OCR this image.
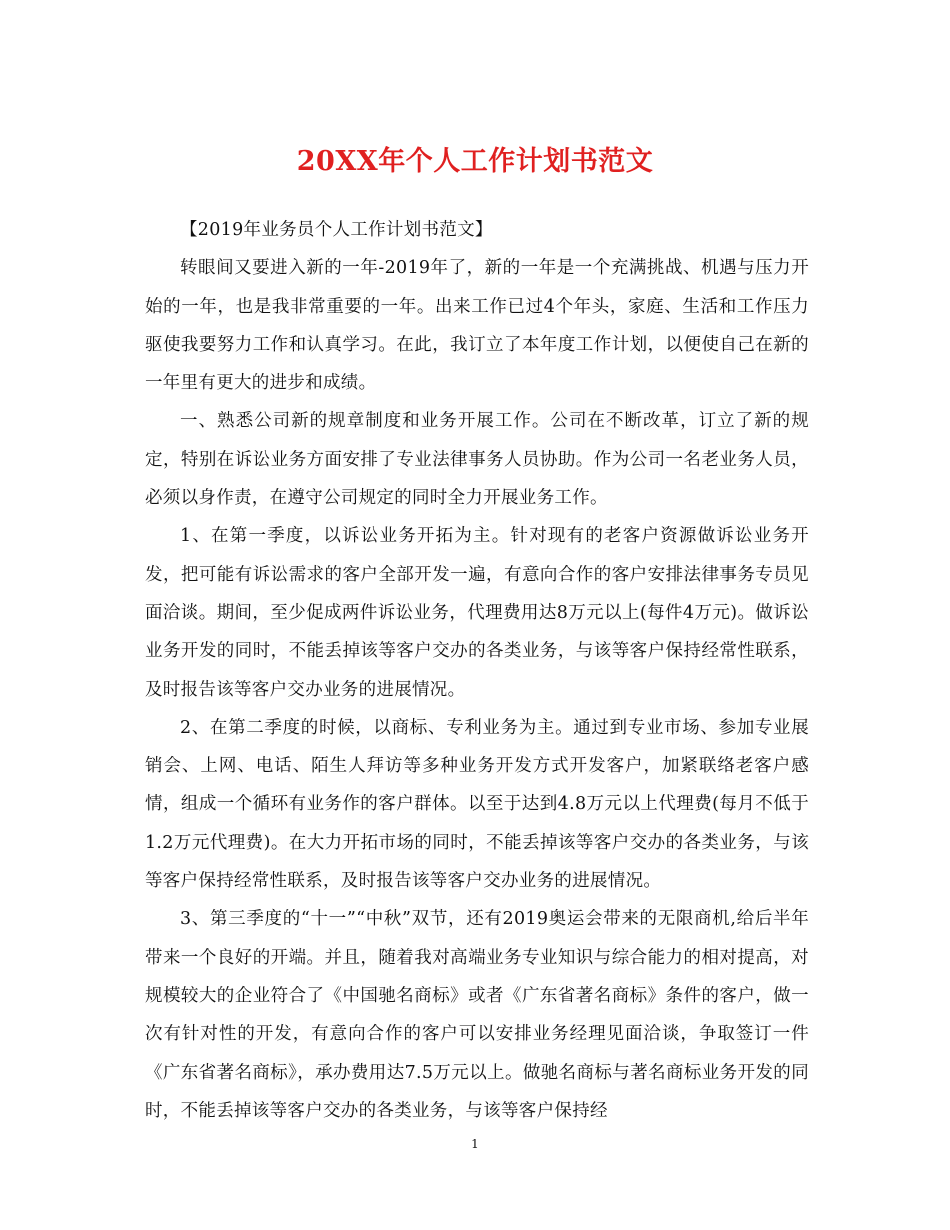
20XX年个人工作计划书范文

【2019年业务员个人工作计划书范文】

转眼间又要进入新的一年-2019年了，新的一年是一个充满挑战、机遇与压力开始的一年，也是我非常重要的一年。出来工作已过4个年头，家庭、生活和工作压力驱使我要努力工作和认真学习。在此，我订立了本年度工作计划，以便使自己在新的一年里有更大的进步和成绩。

一、熟悉公司新的规章制度和业务开展工作。公司在不断改革，订立了新的规定，特别在诉讼业务方面安排了专业法律事务人员协助。作为公司一名老业务人员，必须以身作责，在遵守公司规定的同时全力开展业务工作。

1、在第一季度，以诉讼业务开拓为主。针对现有的老客户资源做诉讼业务开发，把可能有诉讼需求的客户全部开发一遍，有意向合作的客户安排法律事务专员见面洽谈。期间，至少促成两件诉讼业务，代理费用达8万元以上(每件4万元)。做诉讼业务开发的同时，不能丢掉该等客户交办的各类业务，与该等客户保持经常性联系，及时报告该等客户交办业务的进展情况。

2、在第二季度的时候，以商标、专利业务为主。通过到专业市场、参加专业展销会、上网、电话、陌生人拜访等多种业务开发方式开发客户，加紧联络老客户感情，组成一个循环有业务作的客户群体。以至于达到4.8万元以上代理费(每月不低于1.2万元代理费)。在大力开拓市场的同时，不能丢掉该等客户交办的各类业务，与该等客户保持经常性联系，及时报告该等客户交办业务的进展情况。

3、第三季度的“十一”“中秋”双节，还有2019奥运会带来的无限商机,给后半年带来一个良好的开端。并且，随着我对高端业务专业知识与综合能力的相对提高，对规模较大的企业符合了《中国驰名商标》或者《广东省著名商标》条件的客户，做一次有针对性的开发，有意向合作的客户可以安排业务经理见面洽谈，争取签订一件《广东省著名商标》，承办费用达7.5万元以上。做驰名商标与著名商标业务开发的同时，不能丢掉该等客户交办的各类业务，与该等客户保持经

1
